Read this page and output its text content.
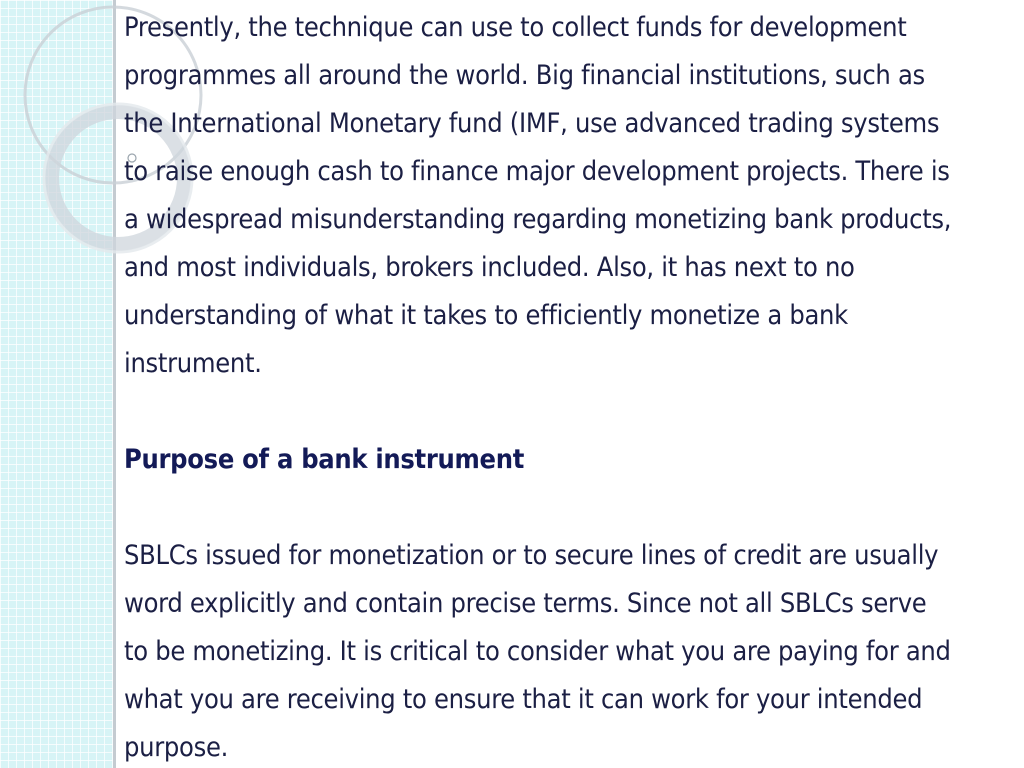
Presently, the technique can use to collect funds for development
programmes all around the world. Big financial institutions, such as
the International Monetary fund (IMF, use advanced trading systems
to raise enough cash to finance major development projects. There is
a widespread misunderstanding regarding monetizing bank products,
and most individuals, brokers included. Also, it has next to no
understanding of what it takes to efficiently monetize a bank
instrument.

Purpose of a bank instrument

SBLCs issued for monetization or to secure lines of credit are usually
word explicitly and contain precise terms. Since not all SBLCs serve
to be monetizing. It is critical to consider what you are paying for and
what you are receiving to ensure that it can work for your intended
purpose.
